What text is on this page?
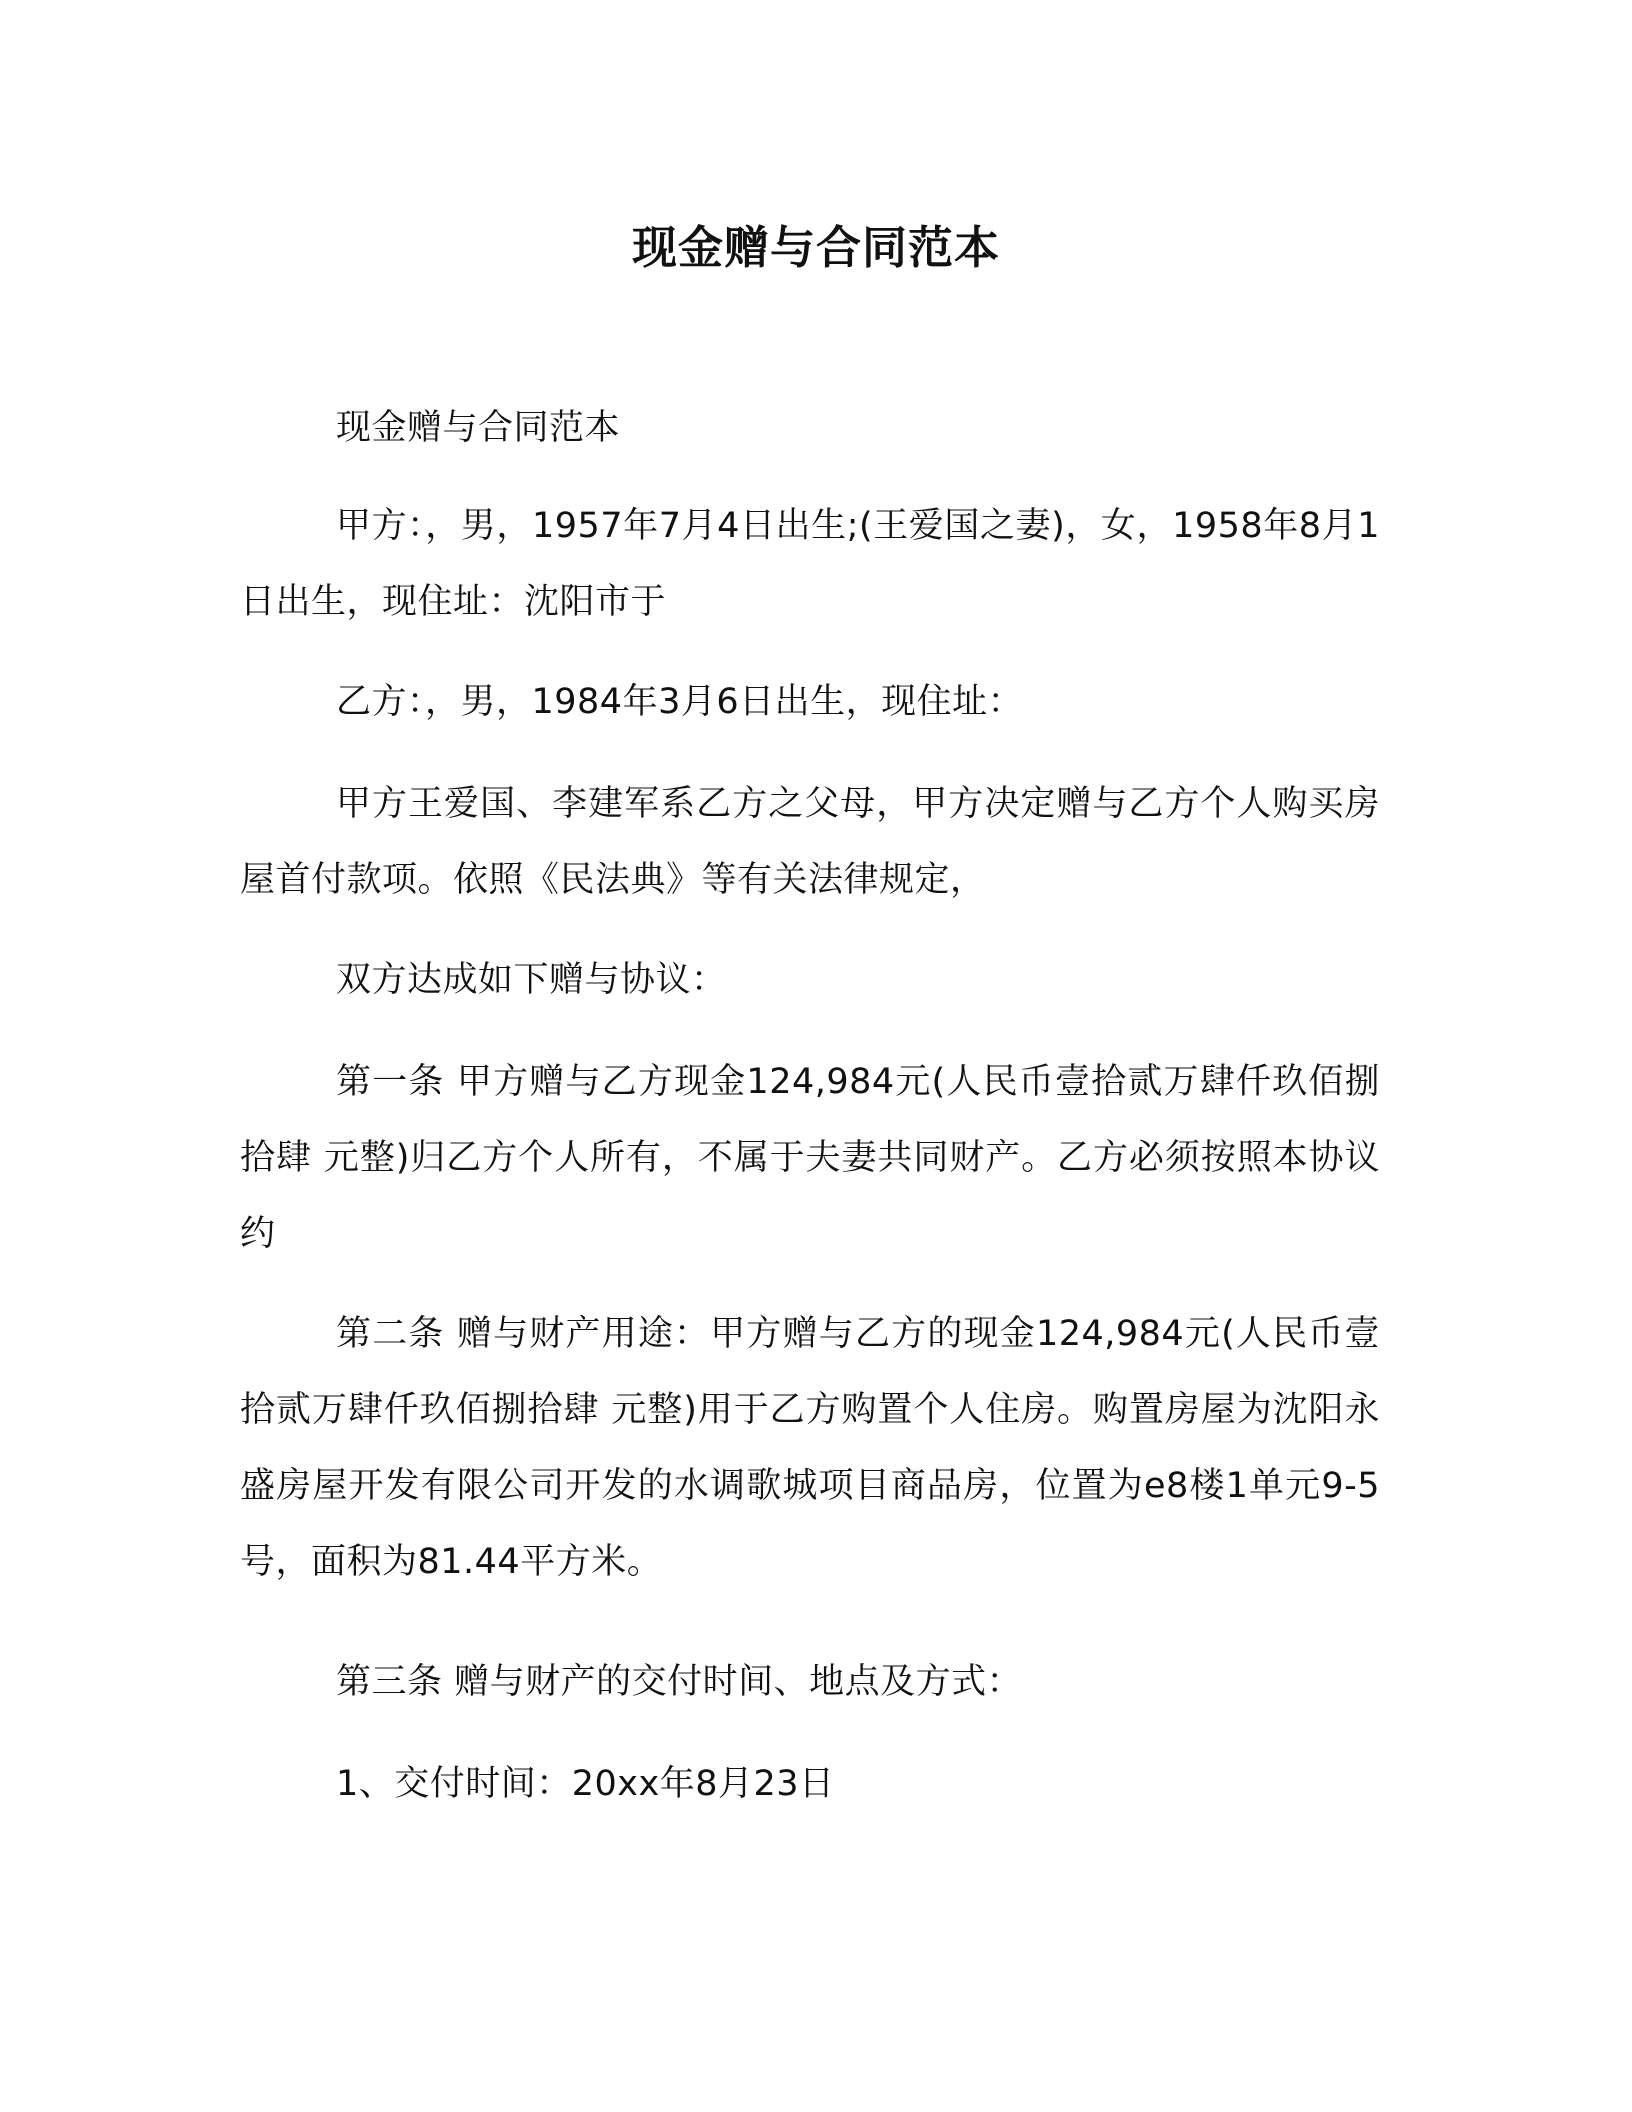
现金赠与合同范本

现金赠与合同范本

甲方：，男，1957年7月4日出生;(王爱国之妻)，女，1958年8月1日出生，现住址：沈阳市于

乙方：，男，1984年3月6日出生，现住址：

甲方王爱国、李建军系乙方之父母，甲方决定赠与乙方个人购买房屋首付款项。依照《民法典》等有关法律规定，

双方达成如下赠与协议：

第一条 甲方赠与乙方现金124,984元(人民币壹拾贰万肆仟玖佰捌拾肆 元整)归乙方个人所有，不属于夫妻共同财产。乙方必须按照本协议约

第二条 赠与财产用途：甲方赠与乙方的现金124,984元(人民币壹拾贰万肆仟玖佰捌拾肆 元整)用于乙方购置个人住房。购置房屋为沈阳永盛房屋开发有限公司开发的水调歌城项目商品房，位置为e8楼1单元9-5号，面积为81.44平方米。

第三条 赠与财产的交付时间、地点及方式：

1、交付时间：20xx年8月23日
